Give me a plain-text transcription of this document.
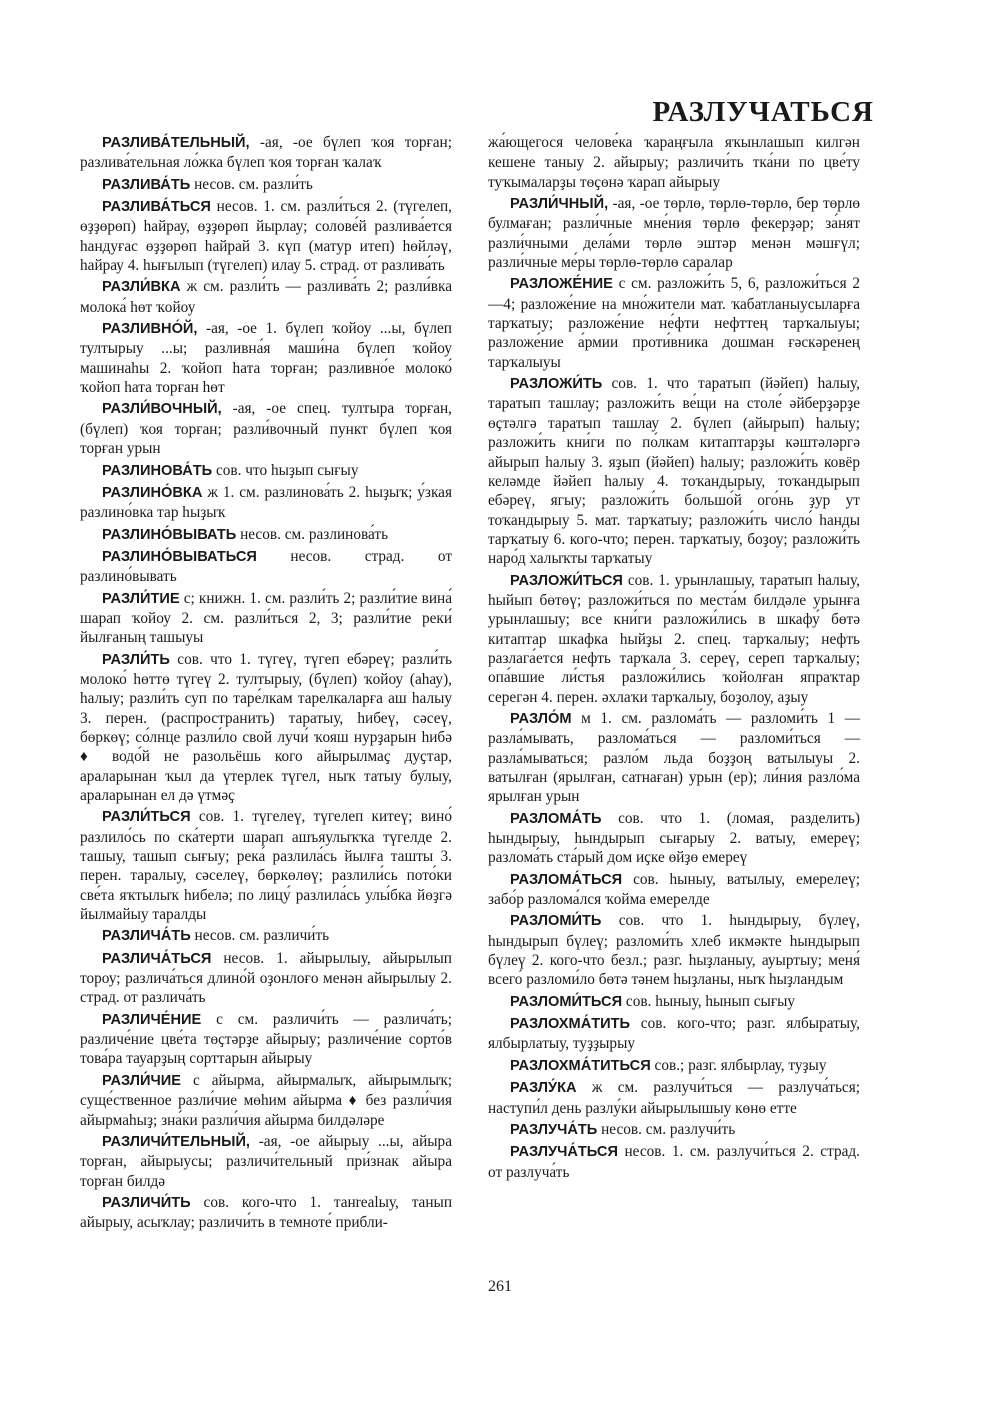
РАЗЛУЧАТЬСЯ

РАЗЛИВА́ТЕЛЬНЫЙ, -ая, -ое бүлеп ҡоя торған; разлива́тельная ло́жка бүлеп ҡоя торған ҡалаҡ

РАЗЛИВА́ТЬ несов. см. разли́ть

РАЗЛИВА́ТЬСЯ несов. 1. см. разли́ться 2. (түгелеп, өҙҙөрөп) һайрау, өҙҙөрөп йырлау; солове́й разлива́ется һандуғас өҙҙөрөп һайрай 3. күп (матур итеп) һөйләү, һайрау 4. һығылып (түгелеп) илау 5. страд. от разлива́ть

РАЗЛИ́ВКА ж см. разли́ть — разлива́ть 2; разли́вка молока́ һөт ҡойоу

РАЗЛИВНО́Й, -ая, -ое 1. бүлеп ҡойоу ...ы, бүлеп тултырыу ...ы; разливна́я маши́на бүлеп ҡойоу машинаһы 2. ҡойоп һата торған; разливно́е молоко́ ҡойоп һата торған һөт

РАЗЛИ́ВОЧНЫЙ, -ая, -ое спец. тултыра торған, (бүлеп) ҡоя торған; разли́вочный пункт бүлеп ҡоя торған урын

РАЗЛИНОВА́ТЬ сов. что һыҙып сығыу

РАЗЛИНО́ВКА ж 1. см. разлинова́ть 2. һыҙыҡ; у́зкая разлино́вка тар һыҙыҡ

РАЗЛИНО́ВЫВАТЬ несов. см. разлинова́ть

РАЗЛИНО́ВЫВАТЬСЯ несов. страд. от разлино́вывать

РАЗЛИ́ТИЕ с; книжн. 1. см. разли́ть 2; разли́тие вина́ шарап ҡойоу 2. см. разли́ться 2, 3; разли́тие реки́ йылғаның ташыуы

РАЗЛИ́ТЬ сов. что 1. түгеү, түгеп ебәреү; разли́ть молоко́ һөттө түгеү 2. тултырыу, (бүлеп) ҡойоу (аһау), һалыу; разли́ть суп по таре́лкам тарелкаларға аш һалыу 3. перен. (распространить) таратыу, һибеү, сәсеү, бөркөү; со́лнце разли́ло свой лучи́ ҡояш нурҙарын һибә ♦ водо́й не разольёшь кого айырылмаҫ дуҫтар, араларынан ҡыл да үтерлек түгел, ныҡ татыу булыу, араларынан ел дә үтмәҫ

РАЗЛИ́ТЬСЯ сов. 1. түгелеү, түгелеп китеү; вино́ разлило́сь по ска́терти шарап ашъяулыҡҡа түгелде 2. ташыу, ташып сығыу; река́ разлила́сь йылға ташты 3. перен. таралыу, сәселеү, бөркөлөү; разлили́сь пото́ки све́та яҡтылыҡ һибелә; по лицу́ разлила́сь улы́бка йөҙгә йылмайыу таралды

РАЗЛИЧА́ТЬ несов. см. различи́ть

РАЗЛИЧА́ТЬСЯ несов. 1. айырылыу, айырылып тороу; различа́ться длино́й оҙонлоғо менән айырылыу 2. страд. от различа́ть

РАЗЛИЧЕ́НИЕ с см. различи́ть — различа́ть; различе́ние цве́та төҫтәрҙе айырыу; различе́ние сорто́в това́ра тауарҙың сорттарын айырыу

РАЗЛИ́ЧИЕ с айырма, айырмалыҡ, айырымлыҡ; суще́ственное разли́чие мөһим айырма ♦ без разли́чия айырмаһыҙ; зна́ки разли́чия айырма билдәләре

РАЗЛИЧИ́ТЕЛЬНЫЙ, -ая, -ое айырыу ...ы, айыра торған, айырыусы; различи́тельный при́знак айыра торған билдә

РАЗЛИЧИ́ТЬ сов. кого-что 1. танrealыу, танып айырыу, асыҡлау; различи́ть в темноте́ прибли-

жа́ющегося челове́ка ҡараңғыла яҡынлашып килгән кешене таныу 2. айырыу; различи́ть тка́ни по цве́ту туҡымаларҙы төҫөнә ҡарап айырыу

РАЗЛИ́ЧНЫЙ, -ая, -ое төрлө, төрлө-төрлө, бер төрлө булмаған; разли́чные мне́ния төрлө фекерҙәр; за́нят разли́чными дела́ми төрлө эштәр менән мәшғүл; разли́чные ме́ры төрлө-төрлө саралар

РАЗЛОЖЕ́НИЕ с см. разложи́ть 5, 6, разложи́ться 2—4; разложе́ние на мно́жители мат. ҡабатланыусыларға тарҡатыу; разложе́ние не́фти нефттең тарҡалыуы; разложе́ние а́рмии проти́вника дошман ғәскәренең тарҡалыуы

РАЗЛОЖИ́ТЬ сов. 1. что таратып (йәйеп) һалыу, таратып ташлау; разложи́ть ве́щи на столе́ әйберҙәрҙе өҫтәлгә таратып ташлау 2. бүлеп (айырып) һалыу; разложи́ть кни́ги по по́лкам китаптарҙы кәштәләргә айырып һалыу 3. яҙып (йәйеп) һалыу; разложи́ть ковёр келәмде йәйеп һалыу 4. тоҡандырыу, тоҡандырып ебәреү, ягыу; разложи́ть большо́й ого́нь ҙур ут тоҡандырыу 5. мат. тарҡатыу; разложи́ть число́ һанды тарҡатыу 6. кого-что; перен. тарҡатыу, боҙоу; разложи́ть наро́д халыҡты тарҡатыу

РАЗЛОЖИ́ТЬСЯ сов. 1. урынлашыу, таратып һалыу, һыйып бөтөү; разложи́ться по места́м билдәле урынға урынлашыу; все кни́ги разложи́лись в шкафу́ бөтә китаптар шкафка һыйҙы 2. спец. тарҡалыу; нефть разлага́ется нефть тарҡала 3. сереү, сереп тарҡалыу; опа́вшие ли́стья разложи́лись ҡойолған япраҡтар серегән 4. перен. әхлаҡи тарҡалыу, боҙолоу, аҙыу

РАЗЛО́М м 1. см. разлома́ть — разломи́ть 1 — разла́мывать, разлома́ться — разломи́ться — разла́мываться; разло́м льда боҙҙоң ватылыуы 2. ватылған (ярылған, сатнаған) урын (ер); ли́ния разло́ма ярылған урын

РАЗЛОМА́ТЬ сов. что 1. (ломая, разделить) һындырыу, һындырып сығарыу 2. ватыу, емереү; разлома́ть ста́рый дом иҫке өйҙө емереү

РАЗЛОМА́ТЬСЯ сов. һыныу, ватылыу, емерелеү; забо́р разлома́лся ҡойма емерелде

РАЗЛОМИ́ТЬ сов. что 1. һындырыу, бүлеү, һындырып бүлеү; разломи́ть хлеб икмәкте һындырып бүлеү 2. кого-что безл.; разг. һыҙланыу, ауыртыу; меня́ всего́ разломи́ло бөтә тәнем һыҙланы, ныҡ һыҙландым

РАЗЛОМИ́ТЬСЯ сов. һыныу, һынып сығыу

РАЗЛОХМА́ТИТЬ сов. кого-что; разг. ялбыратыу, ялбырлатыу, туҙҙырыу

РАЗЛОХМА́ТИТЬСЯ сов.; разг. ялбырлау, туҙыу

РАЗЛУ́КА ж см. разлучи́ться — разлуча́ться; наступи́л день разлу́ки айырылышыу көнө етте

РАЗЛУЧА́ТЬ несов. см. разлучи́ть

РАЗЛУЧА́ТЬСЯ несов. 1. см. разлучи́ться 2. страд. от разлуча́ть

261
